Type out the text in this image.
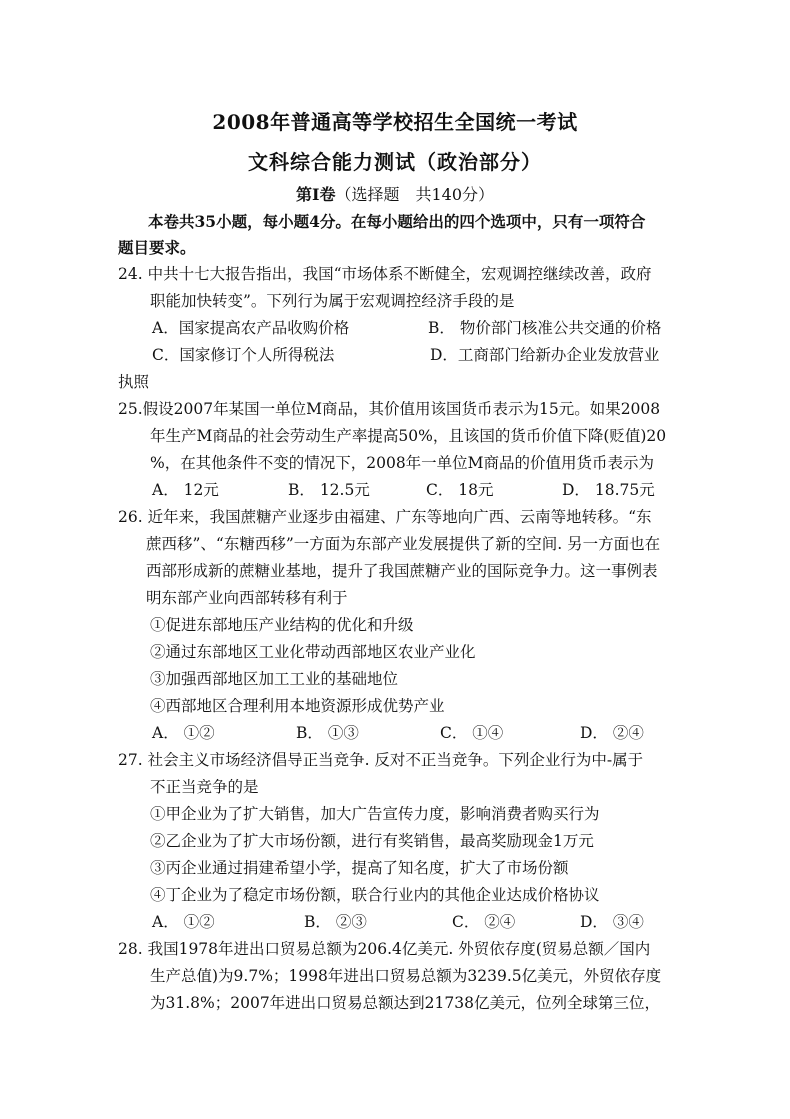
2008年普通高等学校招生全国统一考试
文科综合能力测试（政治部分）
第Ⅰ卷（选择题　共140分）
本卷共35小题，每小题4分。在每小题给出的四个选项中，只有一项符合
题目要求。
24. 中共十七大报告指出，我国“市场体系不断健全，宏观调控继续改善，政府
职能加快转变”。下列行为属于宏观调控经济手段的是
A．国家提高农产品收购价格	B． 物价部门核准公共交通的价格
C．国家修订个人所得税法	D．工商部门给新办企业发放营业
执照
25.假设2007年某国一单位M商品，其价值用该国货币表示为15元。如果2008
年生产M商品的社会劳动生产率提高50%，且该国的货币价值下降(贬值)20
%，在其他条件不变的情况下，2008年一单位M商品的价值用货币表示为
A． 12元	B． 12.5元	C． 18元	D． 18.75元
26. 近年来，我国蔗糖产业逐步由福建、广东等地向广西、云南等地转移。“东
蔗西移”、“东糖西移”一方面为东部产业发展提供了新的空间. 另一方面也在
西部形成新的蔗糖业基地，提升了我国蔗糖产业的国际竞争力。这一事例表
明东部产业向西部转移有利于
①促进东部地压产业结构的优化和升级
②通过东部地区工业化带动西部地区农业产业化
③加强西部地区加工工业的基础地位
④西部地区合理利用本地资源形成优势产业
A． ①②	B． ①③	C． ①④	D． ②④
27. 社会主义市场经济倡导正当竞争. 反对不正当竞争。下列企业行为中-属于
不正当竞争的是
①甲企业为了扩大销售，加大广告宣传力度，影响消费者购买行为
②乙企业为了扩大市场份额，进行有奖销售，最高奖励现金1万元
③丙企业通过捐建希望小学，提高了知名度，扩大了市场份额
④丁企业为了稳定市场份额，联合行业内的其他企业达成价格协议
A． ①②	B． ②③	C． ②④	D． ③④
28. 我国1978年进出口贸易总额为206.4亿美元. 外贸依存度(贸易总额／国内
生产总值)为9.7%；1998年进出口贸易总额为3239.5亿美元，外贸依存度
为31.8%；2007年进出口贸易总额达到21738亿美元，位列全球第三位，
